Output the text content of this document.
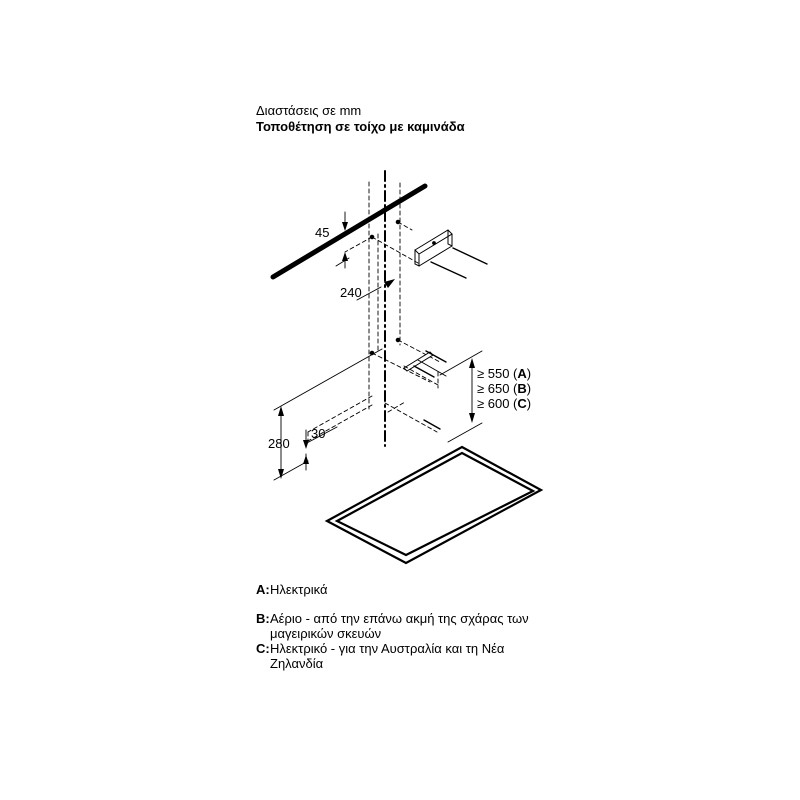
Διαστάσεις σε mm
Τοποθέτηση σε τοίχο με καμινάδα
45
240
280
30
≥ 550 (A)
≥ 650 (B)
≥ 600 (C)
A: Ηλεκτρικά
B: Αέριο - από την επάνω ακμή της σχάρας των μαγειρικών σκευών
C: Ηλεκτρικό - για την Αυστραλία και τη Νέα Ζηλανδία
